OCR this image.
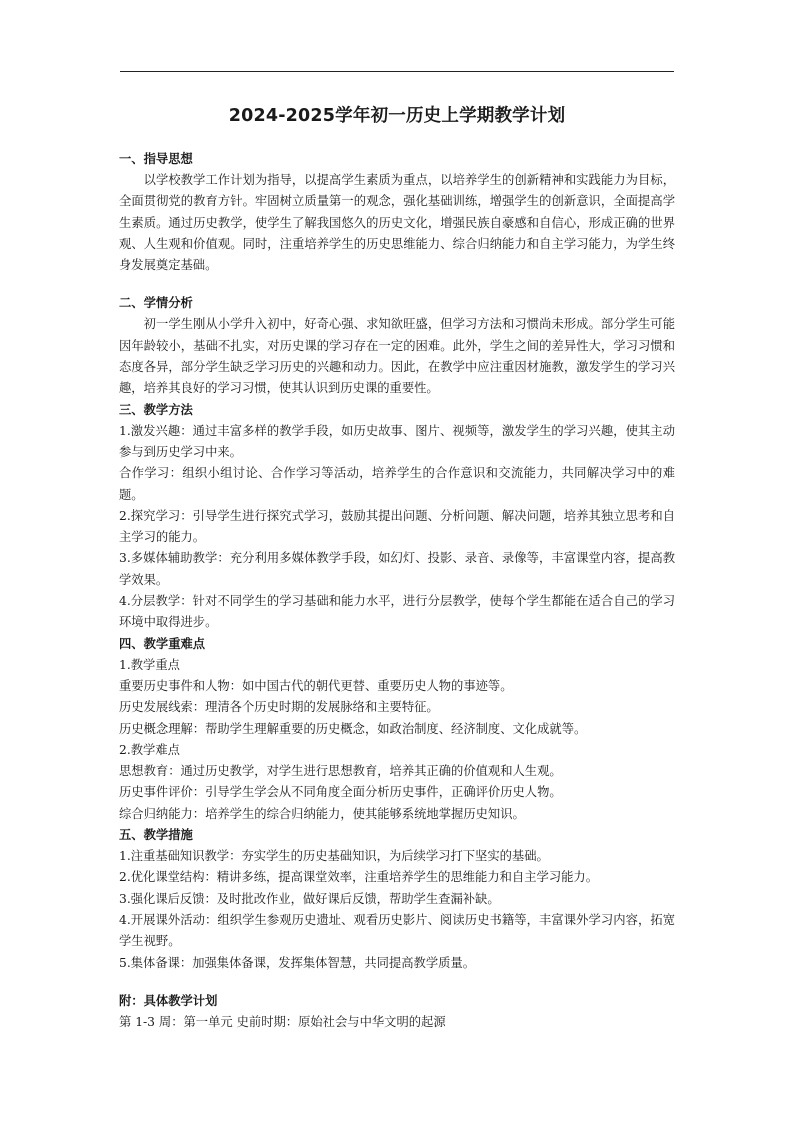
2024-2025学年初一历史上学期教学计划
一、指导思想
以学校教学工作计划为指导，以提高学生素质为重点，以培养学生的创新精神和实践能力为目标，全面贯彻党的教育方针。牢固树立质量第一的观念，强化基础训练，增强学生的创新意识，全面提高学生素质。通过历史教学，使学生了解我国悠久的历史文化，增强民族自豪感和自信心，形成正确的世界观、人生观和价值观。同时，注重培养学生的历史思维能力、综合归纳能力和自主学习能力，为学生终身发展奠定基础。
二、学情分析
初一学生刚从小学升入初中，好奇心强、求知欲旺盛，但学习方法和习惯尚未形成。部分学生可能因年龄较小，基础不扎实，对历史课的学习存在一定的困难。此外，学生之间的差异性大，学习习惯和态度各异，部分学生缺乏学习历史的兴趣和动力。因此，在教学中应注重因材施教，激发学生的学习兴趣，培养其良好的学习习惯，使其认识到历史课的重要性。
三、教学方法
1.激发兴趣：通过丰富多样的教学手段，如历史故事、图片、视频等，激发学生的学习兴趣，使其主动参与到历史学习中来。
合作学习：组织小组讨论、合作学习等活动，培养学生的合作意识和交流能力，共同解决学习中的难题。
2.探究学习：引导学生进行探究式学习，鼓励其提出问题、分析问题、解决问题，培养其独立思考和自主学习的能力。
3.多媒体辅助教学：充分利用多媒体教学手段，如幻灯、投影、录音、录像等，丰富课堂内容，提高教学效果。
4.分层教学：针对不同学生的学习基础和能力水平，进行分层教学，使每个学生都能在适合自己的学习环境中取得进步。
四、教学重难点
1.教学重点
重要历史事件和人物：如中国古代的朝代更替、重要历史人物的事迹等。
历史发展线索：理清各个历史时期的发展脉络和主要特征。
历史概念理解：帮助学生理解重要的历史概念，如政治制度、经济制度、文化成就等。
2.教学难点
思想教育：通过历史教学，对学生进行思想教育，培养其正确的价值观和人生观。
历史事件评价：引导学生学会从不同角度全面分析历史事件，正确评价历史人物。
综合归纳能力：培养学生的综合归纳能力，使其能够系统地掌握历史知识。
五、教学措施
1.注重基础知识教学：夯实学生的历史基础知识，为后续学习打下坚实的基础。
2.优化课堂结构：精讲多练，提高课堂效率，注重培养学生的思维能力和自主学习能力。
3.强化课后反馈：及时批改作业，做好课后反馈，帮助学生查漏补缺。
4.开展课外活动：组织学生参观历史遗址、观看历史影片、阅读历史书籍等，丰富课外学习内容，拓宽学生视野。
5.集体备课：加强集体备课，发挥集体智慧，共同提高教学质量。
附：具体教学计划
第 1-3 周：第一单元 史前时期：原始社会与中华文明的起源
